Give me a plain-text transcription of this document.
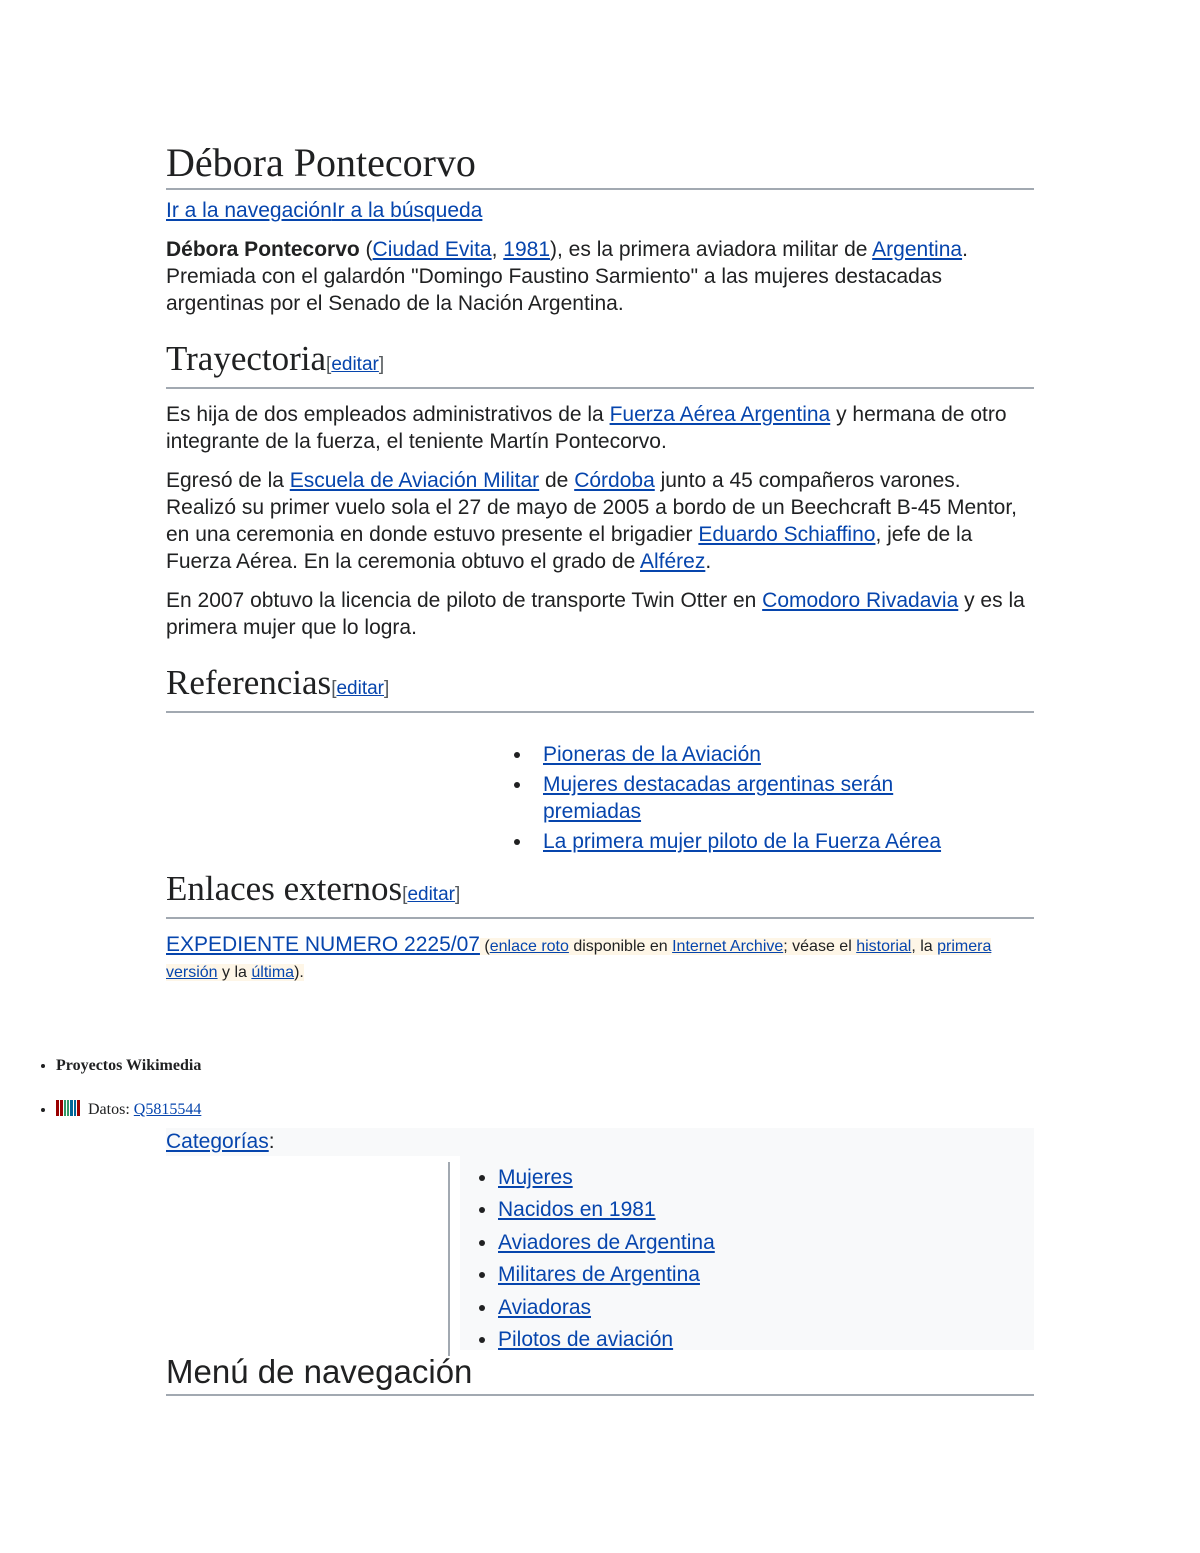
Débora Pontecorvo
Ir a la navegaciónIr a la búsqueda

Débora Pontecorvo (Ciudad Evita, 1981), es la primera aviadora militar de Argentina. Premiada con el galardón "Domingo Faustino Sarmiento" a las mujeres destacadas argentinas por el Senado de la Nación Argentina.

Trayectoria[editar]

Es hija de dos empleados administrativos de la Fuerza Aérea Argentina y hermana de otro integrante de la fuerza, el teniente Martín Pontecorvo.

Egresó de la Escuela de Aviación Militar de Córdoba junto a 45 compañeros varones. Realizó su primer vuelo sola el 27 de mayo de 2005 a bordo de un Beechcraft B-45 Mentor, en una ceremonia en donde estuvo presente el brigadier Eduardo Schiaffino, jefe de la Fuerza Aérea. En la ceremonia obtuvo el grado de Alférez.

En 2007 obtuvo la licencia de piloto de transporte Twin Otter en Comodoro Rivadavia y es la primera mujer que lo logra.

Referencias[editar]
• Pioneras de la Aviación
• Mujeres destacadas argentinas serán premiadas
• La primera mujer piloto de la Fuerza Aérea
Enlaces externos[editar]
EXPEDIENTE NUMERO 2225/07 (enlace roto disponible en Internet Archive; véase el historial, la primera versión y la última).
• Proyectos Wikimedia
• Datos: Q5815544
Categorías:
• Mujeres
• Nacidos en 1981
• Aviadores de Argentina
• Militares de Argentina
• Aviadoras
• Pilotos de aviación
Menú de navegación
